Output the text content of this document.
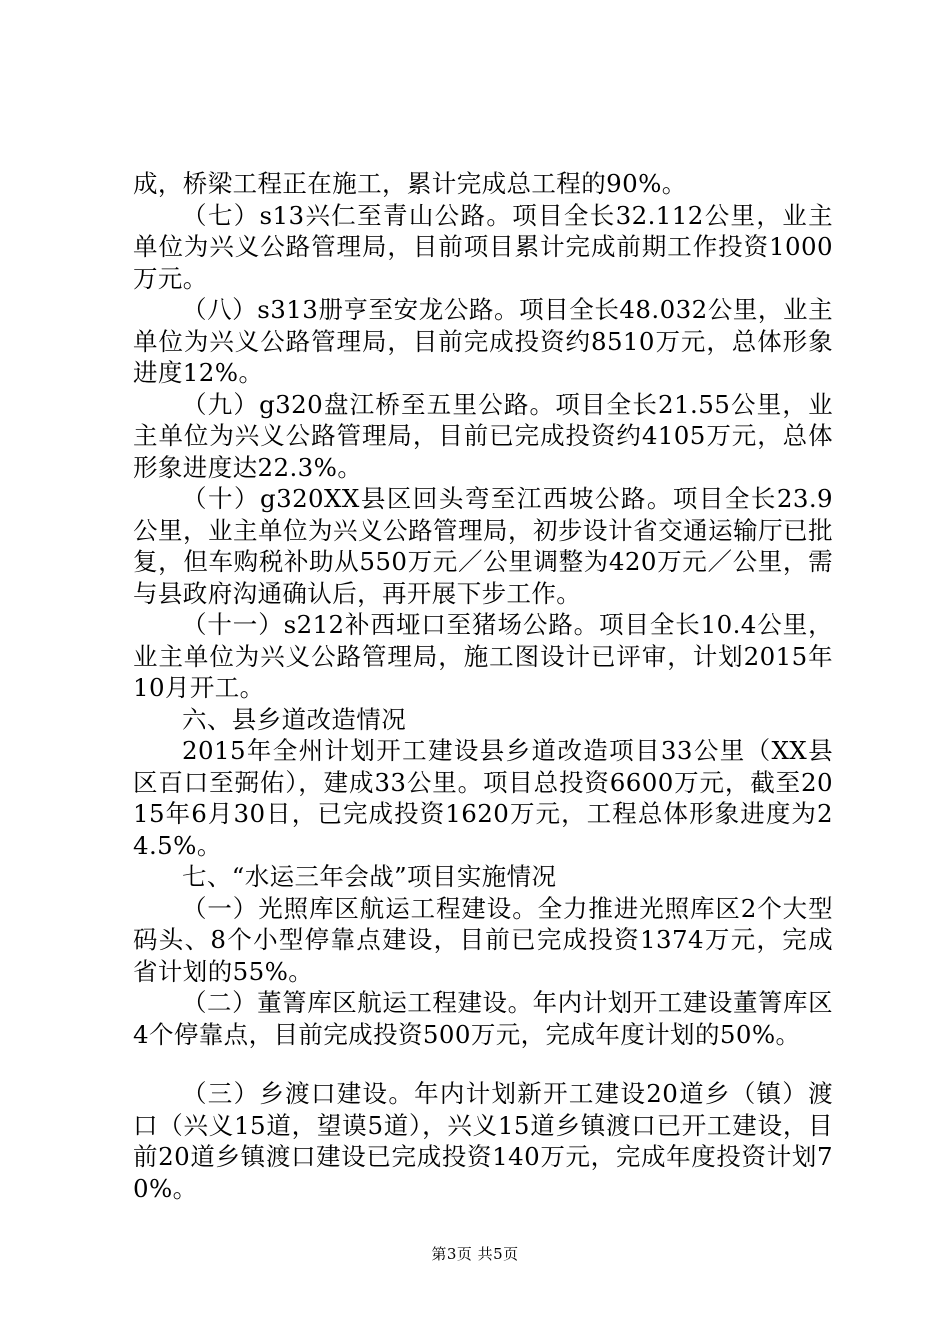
成，桥梁工程正在施工，累计完成总工程的90%。

（七）s13兴仁至青山公路。项目全长32.112公里，业主单位为兴义公路管理局，目前项目累计完成前期工作投资1000万元。

（八）s313册亨至安龙公路。项目全长48.032公里，业主单位为兴义公路管理局，目前完成投资约8510万元，总体形象进度12%。

（九）g320盘江桥至五里公路。项目全长21.55公里，业主单位为兴义公路管理局，目前已完成投资约4105万元，总体形象进度达22.3%。

（十）g320XX县区回头弯至江西坡公路。项目全长23.9公里，业主单位为兴义公路管理局，初步设计省交通运输厅已批复，但车购税补助从550万元／公里调整为420万元／公里，需与县政府沟通确认后，再开展下步工作。

（十一）s212补西垭口至猪场公路。项目全长10.4公里，业主单位为兴义公路管理局，施工图设计已评审，计划2015年10月开工。

六、县乡道改造情况

2015年全州计划开工建设县乡道改造项目33公里（XX县区百口至弼佑），建成33公里。项目总投资6600万元，截至2015年6月30日，已完成投资1620万元，工程总体形象进度为24.5%。

七、“水运三年会战”项目实施情况

（一）光照库区航运工程建设。全力推进光照库区2个大型码头、8个小型停靠点建设，目前已完成投资1374万元，完成省计划的55%。

（二）董箐库区航运工程建设。年内计划开工建设董箐库区4个停靠点，目前完成投资500万元，完成年度计划的50%。

（三）乡渡口建设。年内计划新开工建设20道乡（镇）渡口（兴义15道，望谟5道），兴义15道乡镇渡口已开工建设，目前20道乡镇渡口建设已完成投资140万元，完成年度投资计划70%。

第3页 共5页
